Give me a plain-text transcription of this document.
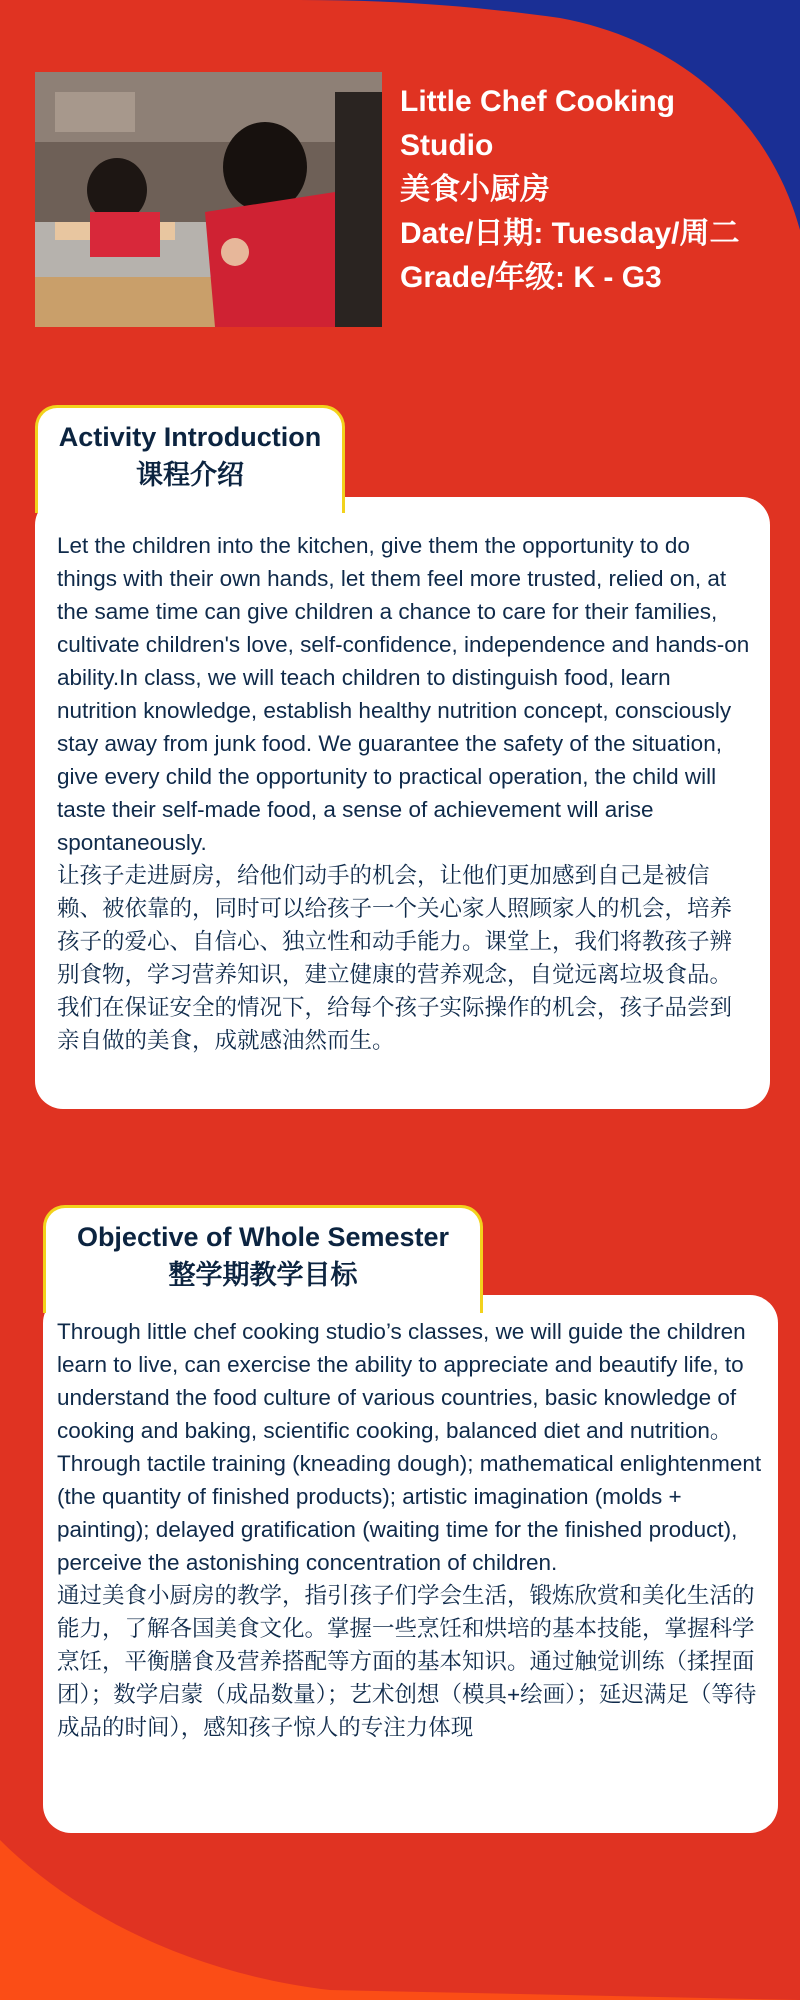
Little Chef Cooking
Studio
美食小厨房
Date/日期: Tuesday/周二
Grade/年级: K - G3

Let the children into the kitchen, give them the opportunity to do things with their own hands, let them feel more trusted, relied on, at the same time can give children a chance to care for their families, cultivate children's love, self-confidence, independence and hands-on ability.In class, we will teach children to distinguish food, learn nutrition knowledge, establish healthy nutrition concept, consciously stay away from junk food. We guarantee the safety of the situation, give every child the opportunity to practical operation, the child will taste their self-made food, a sense of achievement will arise spontaneously.

让孩子走进厨房，给他们动手的机会，让他们更加感到自己是被信赖、被依靠的，同时可以给孩子一个关心家人照顾家人的机会，培养孩子的爱心、自信心、独立性和动手能力。课堂上，我们将教孩子辨别食物，学习营养知识，建立健康的营养观念，自觉远离垃圾食品。我们在保证安全的情况下，给每个孩子实际操作的机会，孩子品尝到亲自做的美食，成就感油然而生。

Activity Introduction
课程介绍

Through little chef cooking studio’s classes, we will guide the children learn to live, can exercise the ability to appreciate and beautify life, to understand the food culture of various countries, basic knowledge of cooking and baking, scientific cooking, balanced diet and nutrition。Through tactile training (kneading dough); mathematical enlightenment (the quantity of finished products); artistic imagination (molds + painting); delayed gratification (waiting time for the finished product), perceive the astonishing concentration of children.

通过美食小厨房的教学，指引孩子们学会生活，锻炼欣赏和美化生活的能力，了解各国美食文化。掌握一些烹饪和烘培的基本技能，掌握科学烹饪，平衡膳食及营养搭配等方面的基本知识。通过触觉训练（揉捏面团）；数学启蒙（成品数量）；艺术创想（模具+绘画）；延迟满足（等待成品的时间），感知孩子惊人的专注力体现

Objective of Whole Semester
整学期教学目标
